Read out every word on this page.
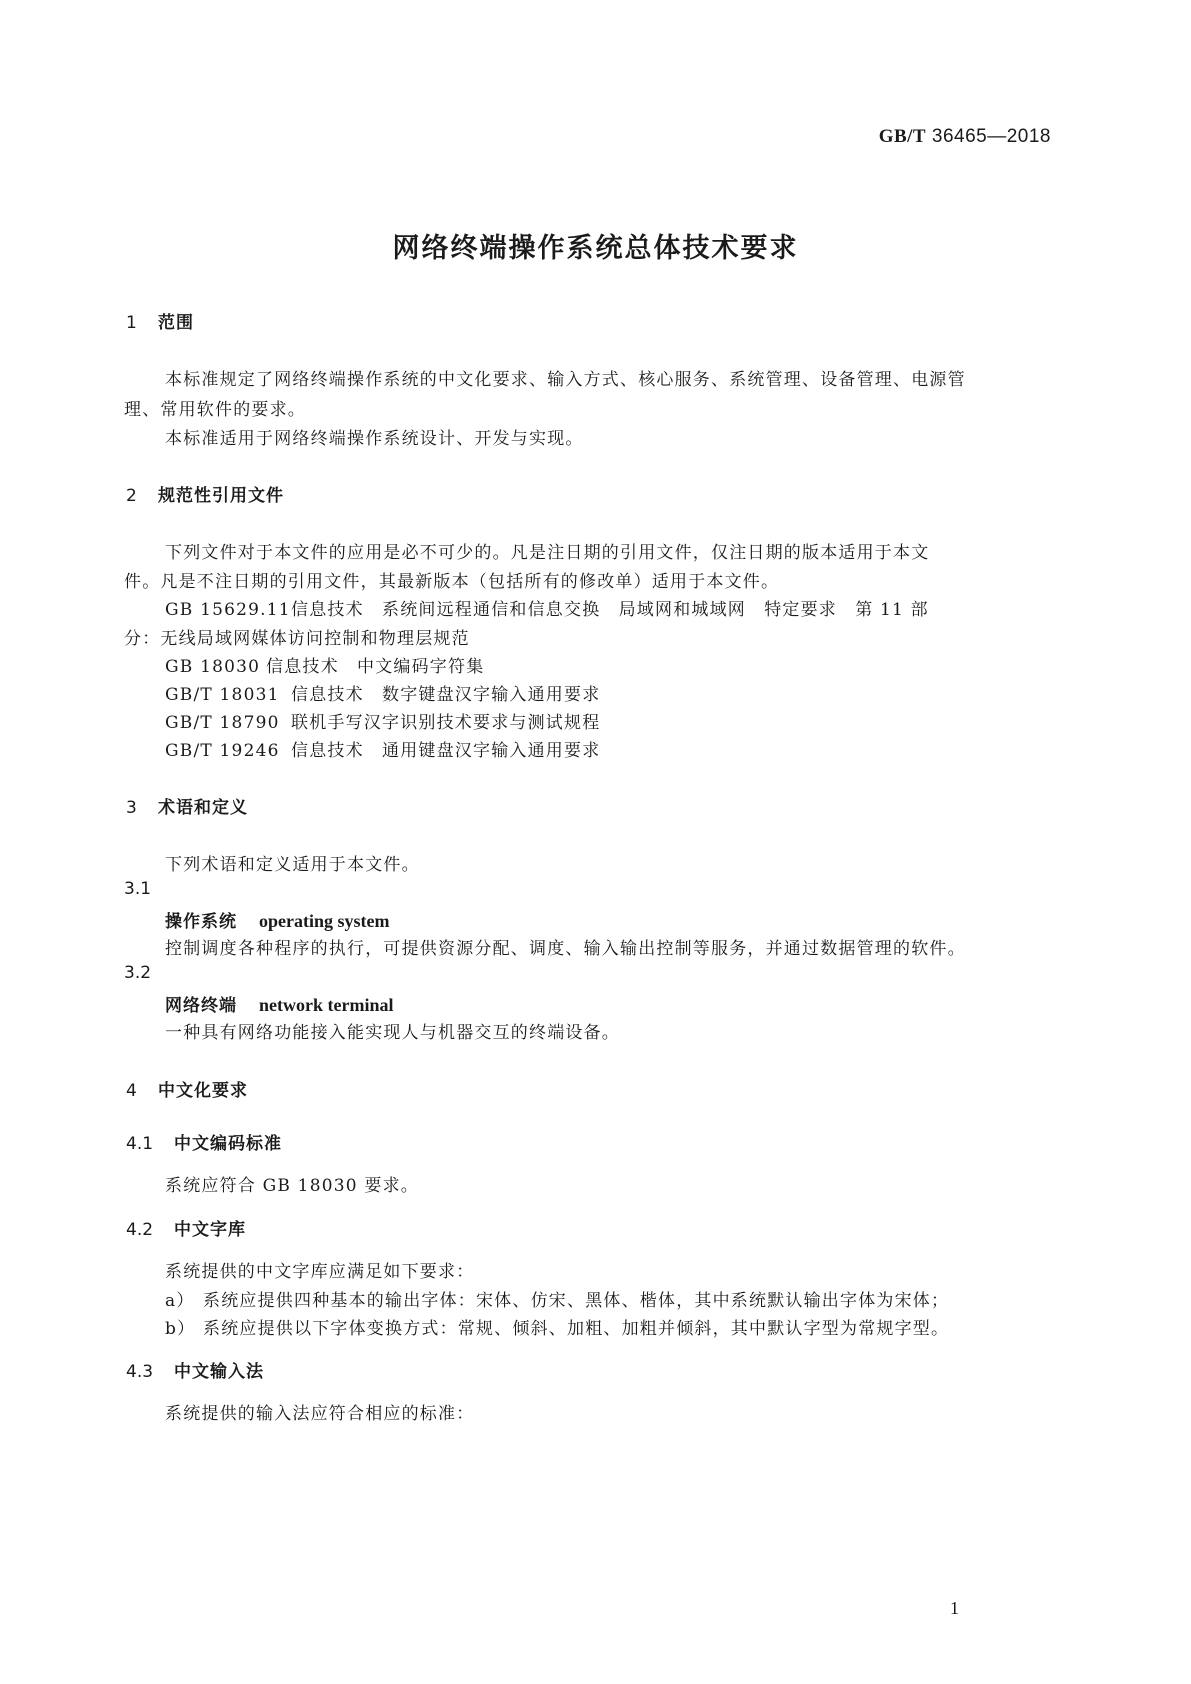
GB/T 36465—2018
网络终端操作系统总体技术要求
1 范围
本标准规定了网络终端操作系统的中文化要求、输入方式、核心服务、系统管理、设备管理、电源管
理、常用软件的要求。
本标准适用于网络终端操作系统设计、开发与实现。
2 规范性引用文件
下列文件对于本文件的应用是必不可少的。凡是注日期的引用文件，仅注日期的版本适用于本文
件。凡是不注日期的引用文件，其最新版本（包括所有的修改单）适用于本文件。
GB 15629.11信息技术　系统间远程通信和信息交换　局域网和城域网　特定要求　第 11 部
分：无线局域网媒体访问控制和物理层规范
GB 18030 信息技术　中文编码字符集
GB/T 18031 信息技术　数字键盘汉字输入通用要求
GB/T 18790 联机手写汉字识别技术要求与测试规程
GB/T 19246 信息技术　通用键盘汉字输入通用要求
3 术语和定义
下列术语和定义适用于本文件。
3.1
操作系统 operating system
控制调度各种程序的执行，可提供资源分配、调度、输入输出控制等服务，并通过数据管理的软件。
3.2
网络终端 network terminal
一种具有网络功能接入能实现人与机器交互的终端设备。
4 中文化要求
4.1 中文编码标准
系统应符合 GB 18030 要求。
4.2 中文字库
系统提供的中文字库应满足如下要求：
a） 系统应提供四种基本的输出字体：宋体、仿宋、黑体、楷体，其中系统默认输出字体为宋体；
b） 系统应提供以下字体变换方式：常规、倾斜、加粗、加粗并倾斜，其中默认字型为常规字型。
4.3 中文输入法
系统提供的输入法应符合相应的标准：
1
